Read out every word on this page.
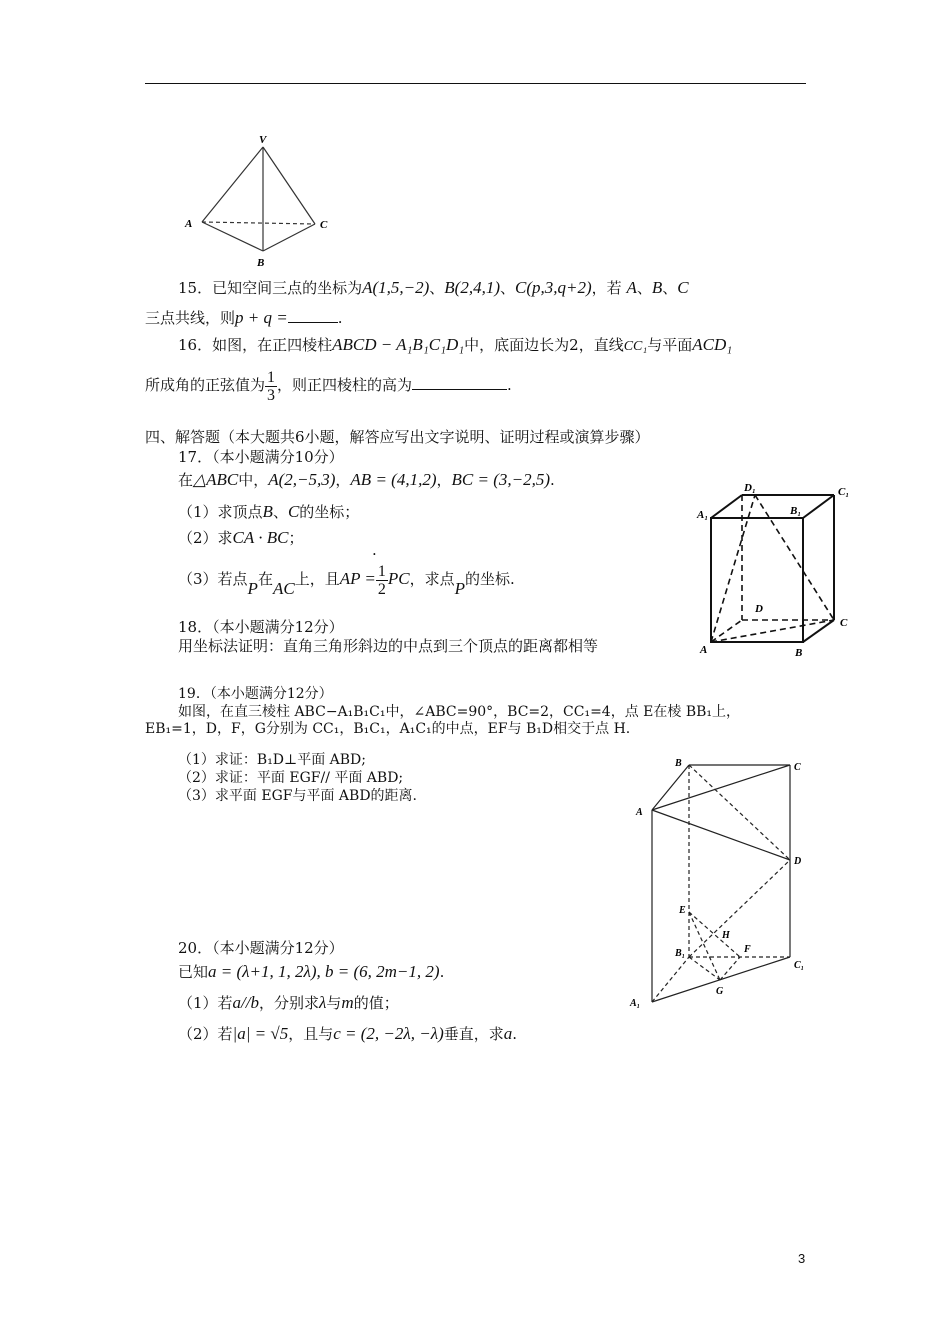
V
A
B
C
15．已知空间三点的坐标为A(1,5,−2)、B(2,4,1)、C(p,3,q+2)，若 A、B、C
三点共线，则p + q =	.
16．如图，在正四棱柱ABCD − A₁B₁C₁D₁中，底面边长为2，直线CC₁与平面ACD₁
所成角的正弦值为 $\frac{1}{3}$ ，则正四棱柱的高为	.
四、解答题（本大题共6小题，解答应写出文字说明、证明过程或演算步骤）
17．（本小题满分10分）
在△ABC中，A(2,−5,3)，AB = (4,1,2)，BC = (3,−2,5).
（1）求顶点B、C的坐标；
（2）求CA · BC；
.
（3）若点P在AC上，且AP = $\frac{1}{2}$ PC，求点P的坐标.
D₁	C₁
A₁	B₁
D
C
A	B
18．（本小题满分12分）
用坐标法证明：直角三角形斜边的中点到三个顶点的距离都相等
19．（本小题满分12分）
如图，在直三棱柱 ABC−A₁B₁C₁中，∠ABC=90°，BC=2，CC₁=4，点 E在棱 BB₁上，
EB₁=1，D，F，G分别为 CC₁，B₁C₁，A₁C₁的中点，EF与 B₁D相交于点 H.
（1）求证：B₁D⊥平面 ABD;
（2）求证：平面 EGF// 平面 ABD;
（3）求平面 EGF与平面 ABD的距离.
B	C
A
D
E
H
B₁	F
C₁
G
A₁
20．（本小题满分12分）
已知a = (λ+1, 1, 2λ), b = (6, 2m−1, 2).
（1）若a//b，分别求λ与m的值；
（2）若|a| = √5，且与c = (2, −2λ, −λ)垂直，求a.
3
